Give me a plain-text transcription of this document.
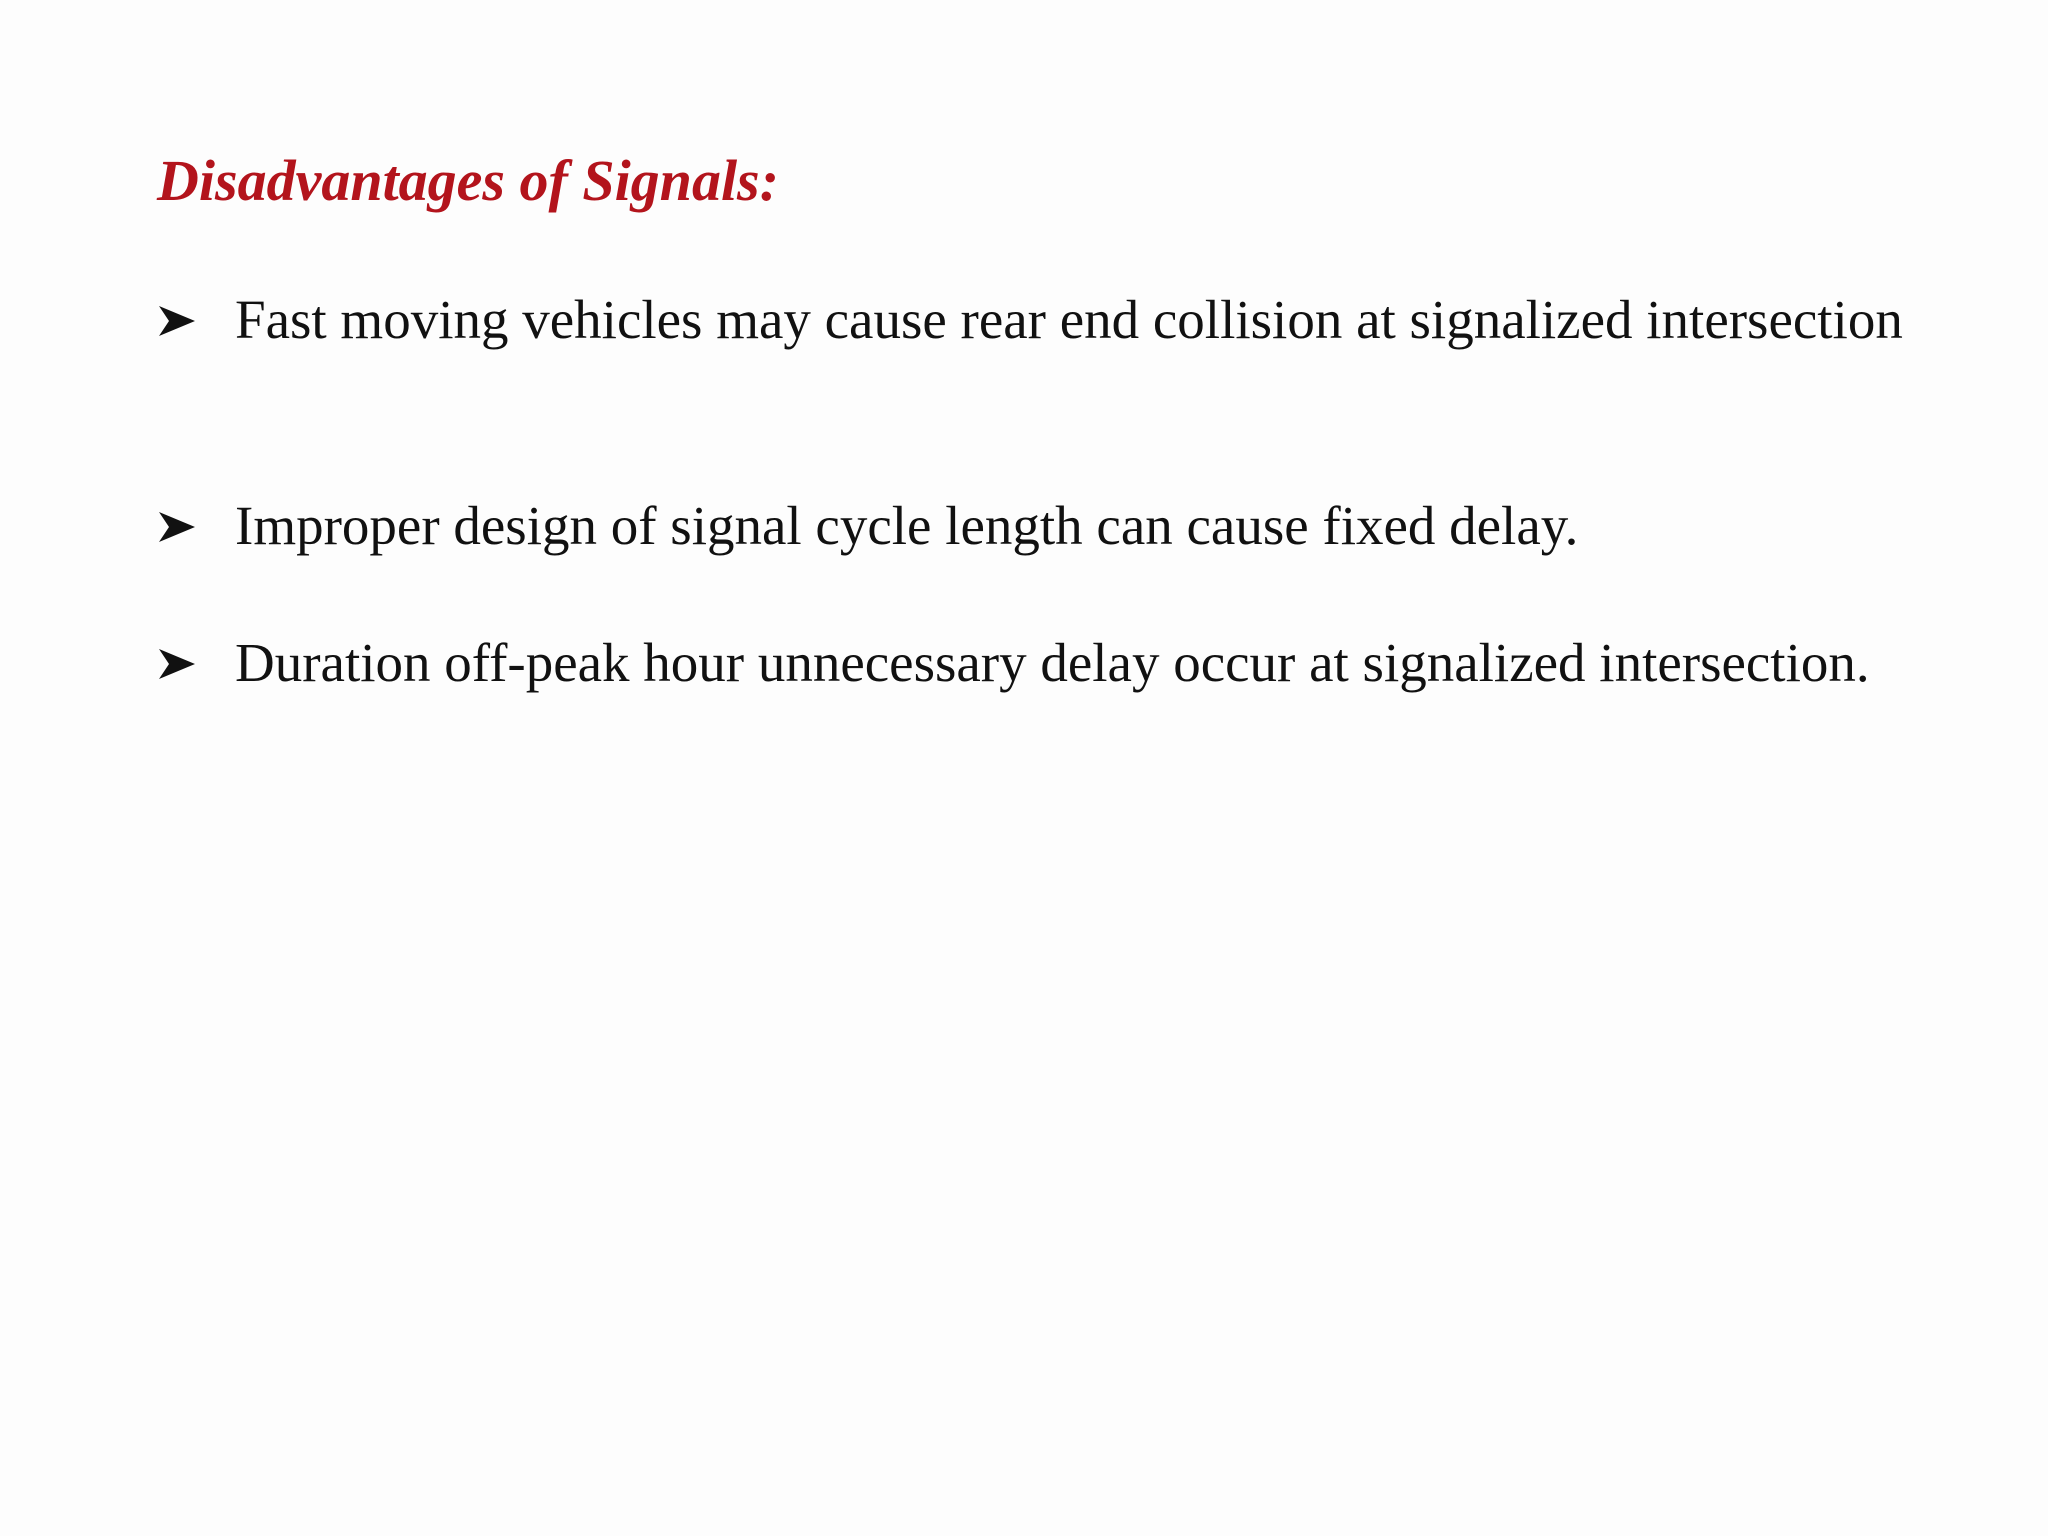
Disadvantages of Signals:

Fast moving vehicles may cause rear end collision at signalized intersection

Improper design of signal cycle length can cause fixed delay.

Duration off-peak hour unnecessary delay occur at signalized intersection.
